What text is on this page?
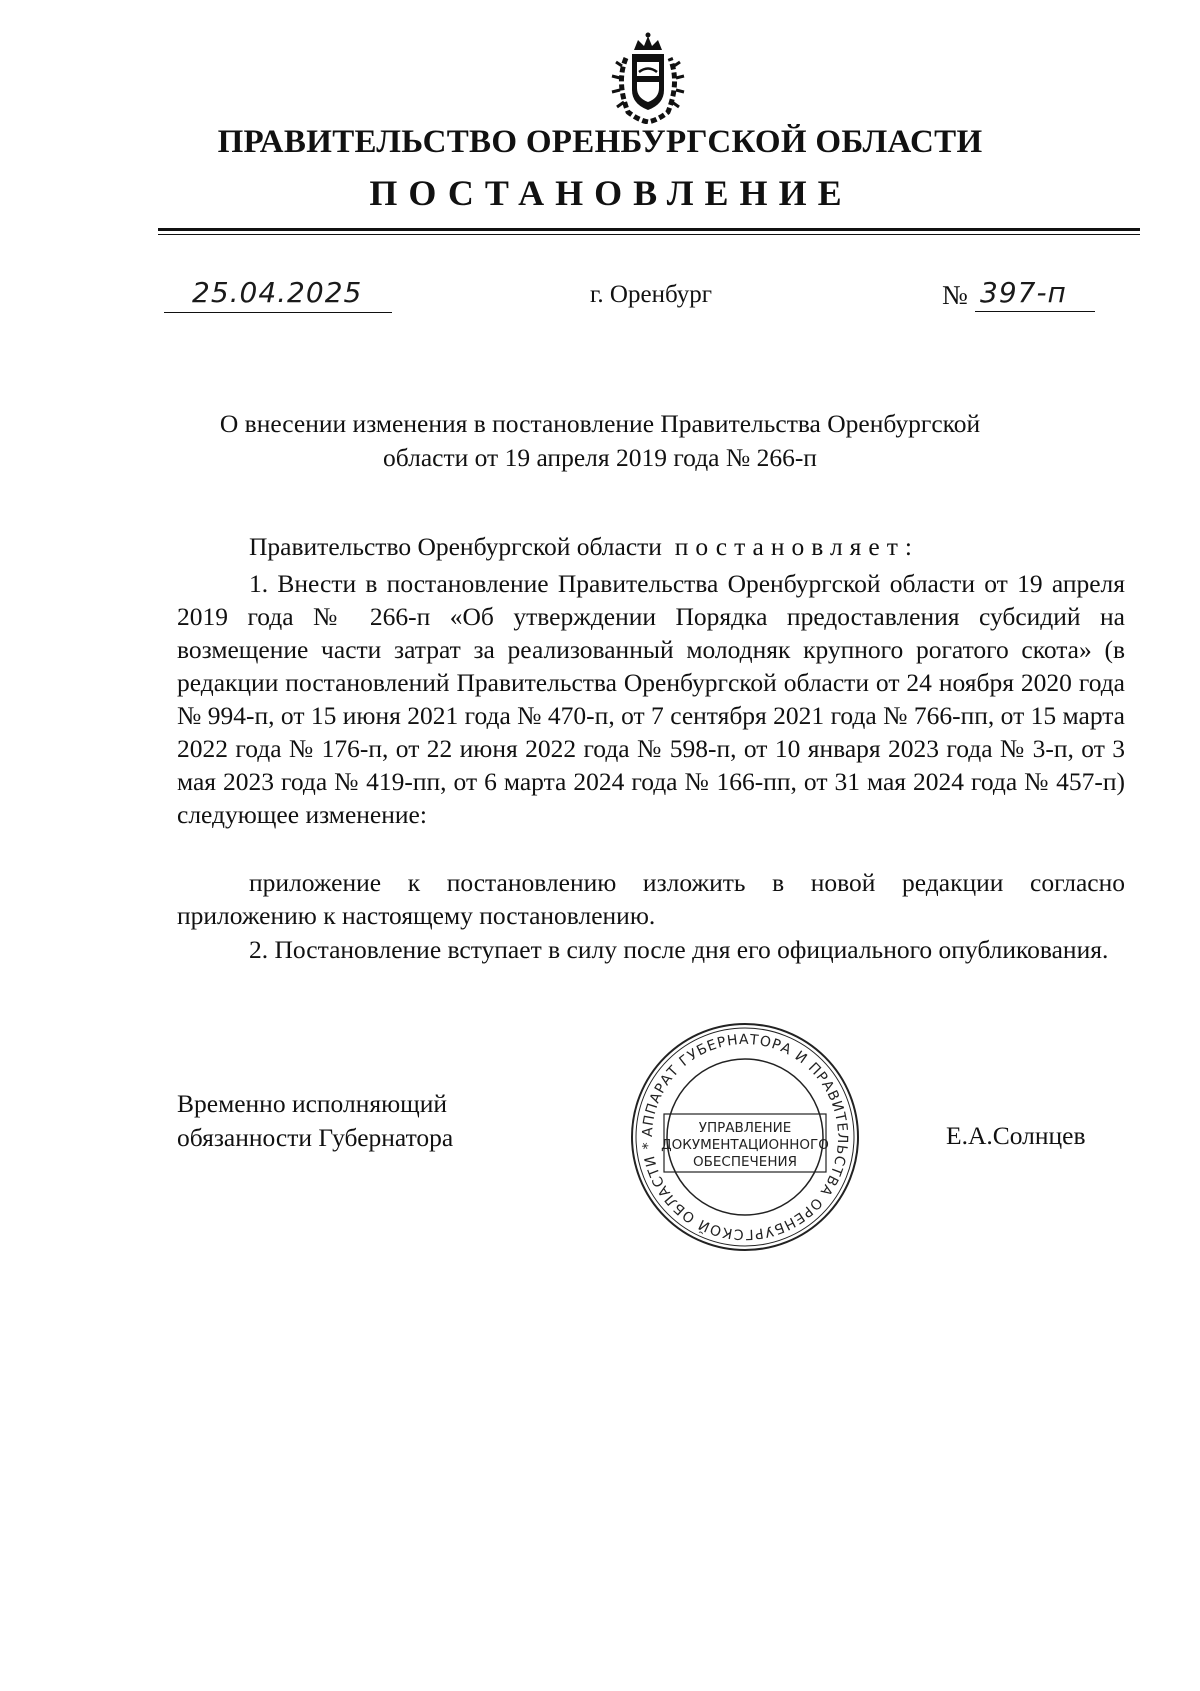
ПРАВИТЕЛЬСТВО ОРЕНБУРГСКОЙ ОБЛАСТИ
ПОСТАНОВЛЕНИЕ
25.04.2025	г. Оренбург	№ 397-п
О внесении изменения в постановление Правительства Оренбургской области от 19 апреля 2019 года № 266-п
Правительство Оренбургской области постановляет:
1. Внести в постановление Правительства Оренбургской области от 19 апреля 2019 года № 266-п «Об утверждении Порядка предоставления субсидий на возмещение части затрат за реализованный молодняк крупного рогатого скота» (в редакции постановлений Правительства Оренбургской области от 24 ноября 2020 года № 994-п, от 15 июня 2021 года № 470-п, от 7 сентября 2021 года № 766-пп, от 15 марта 2022 года № 176-п, от 22 июня 2022 года № 598-п, от 10 января 2023 года № 3-п, от 3 мая 2023 года № 419-пп, от 6 марта 2024 года № 166-пп, от 31 мая 2024 года № 457-п) следующее изменение:
приложение к постановлению изложить в новой редакции согласно приложению к настоящему постановлению.
2. Постановление вступает в силу после дня его официального опубликования.
Временно исполняющий
обязанности Губернатора	Е.А.Солнцев
АППАРАТ ГУБЕРНАТОРА И ПРАВИТЕЛЬСТВА ОРЕНБУРГСКОЙ ОБЛАСТИ *
УПРАВЛЕНИЕ
ДОКУМЕНТАЦИОННОГО
ОБЕСПЕЧЕНИЯ
